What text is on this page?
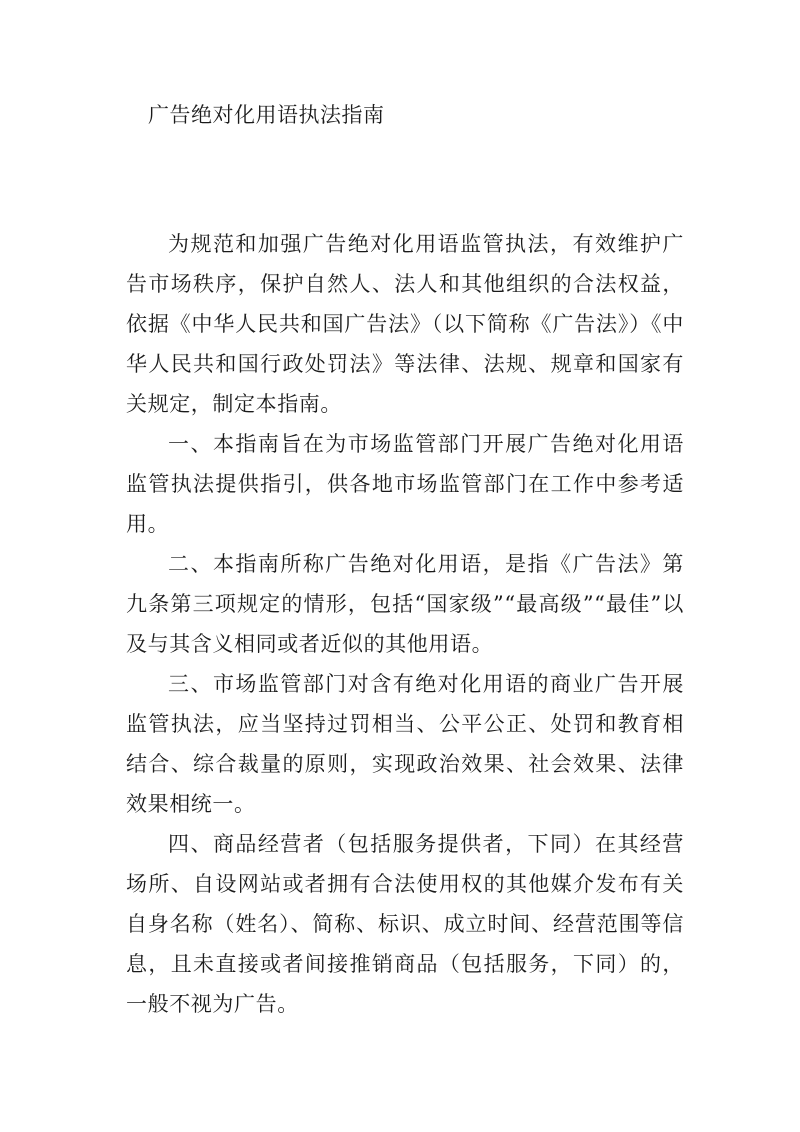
广告绝对化用语执法指南

为规范和加强广告绝对化用语监管执法，有效维护广告市场秩序，保护自然人、法人和其他组织的合法权益，依据《中华人民共和国广告法》（以下简称《广告法》）《中华人民共和国行政处罚法》等法律、法规、规章和国家有关规定，制定本指南。

一、本指南旨在为市场监管部门开展广告绝对化用语监管执法提供指引，供各地市场监管部门在工作中参考适用。

二、本指南所称广告绝对化用语，是指《广告法》第九条第三项规定的情形，包括“国家级”“最高级”“最佳”以及与其含义相同或者近似的其他用语。

三、市场监管部门对含有绝对化用语的商业广告开展监管执法，应当坚持过罚相当、公平公正、处罚和教育相结合、综合裁量的原则，实现政治效果、社会效果、法律效果相统一。

四、商品经营者（包括服务提供者，下同）在其经营场所、自设网站或者拥有合法使用权的其他媒介发布有关自身名称（姓名）、简称、标识、成立时间、经营范围等信息，且未直接或者间接推销商品（包括服务，下同）的，一般不视为广告。
